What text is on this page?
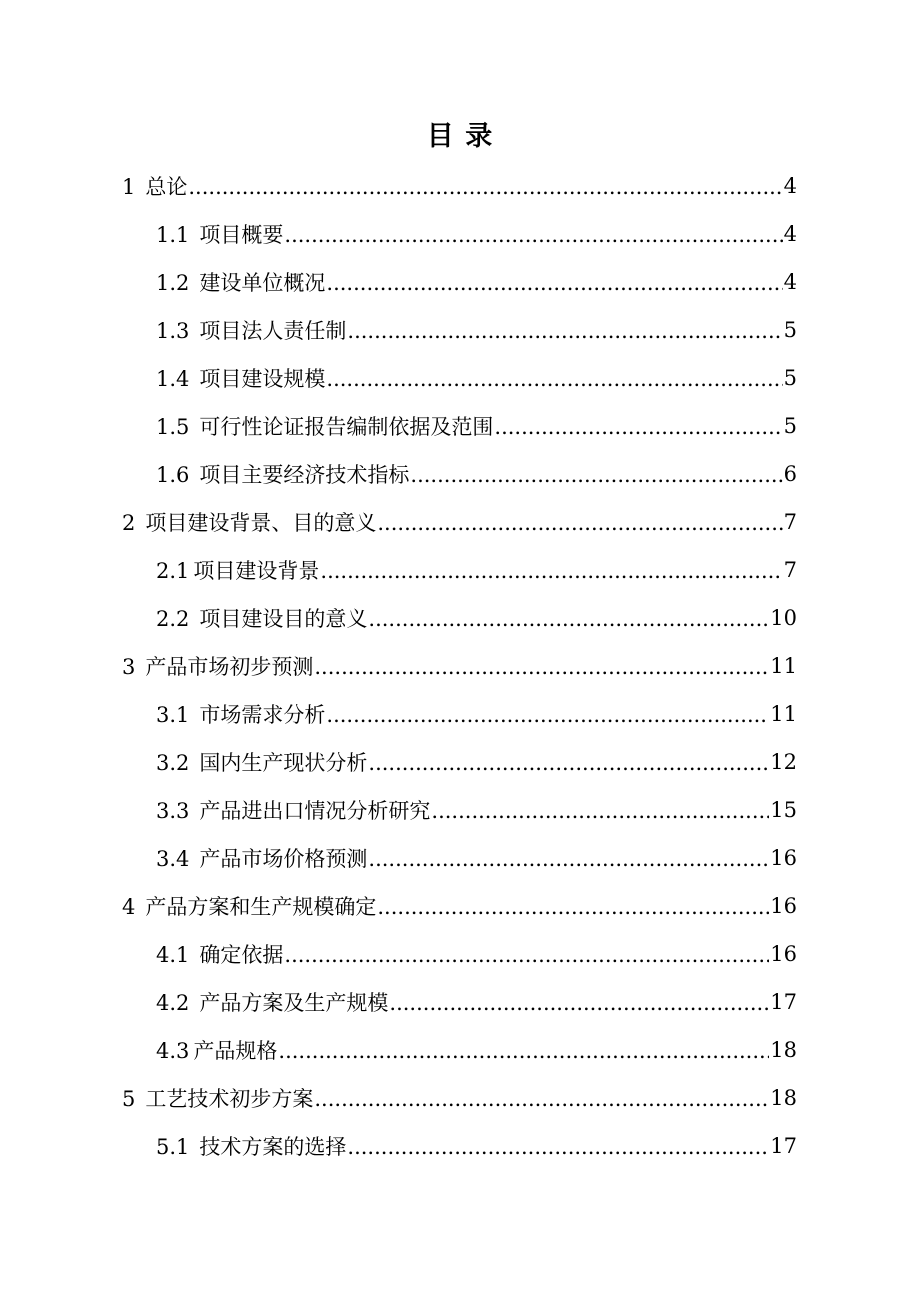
目 录
1 总论 .....	4
1.1 项目概要 .....	4
1.2 建设单位概况 .....	4
1.3 项目法人责任制 .....	5
1.4 项目建设规模 .....	5
1.5 可行性论证报告编制依据及范围 .....	5
1.6 项目主要经济技术指标 .....	6
2 项目建设背景、目的意义 .....	7
2.1 项目建设背景 .....	7
2.2 项目建设目的意义 .....	10
3 产品市场初步预测 .....	11
3.1 市场需求分析 .....	11
3.2 国内生产现状分析 .....	12
3.3 产品进出口情况分析研究 .....	15
3.4 产品市场价格预测 .....	16
4 产品方案和生产规模确定 .....	16
4.1 确定依据 .....	16
4.2 产品方案及生产规模 .....	17
4.3 产品规格 .....	18
5 工艺技术初步方案 .....	18
5.1 技术方案的选择 .....	17
